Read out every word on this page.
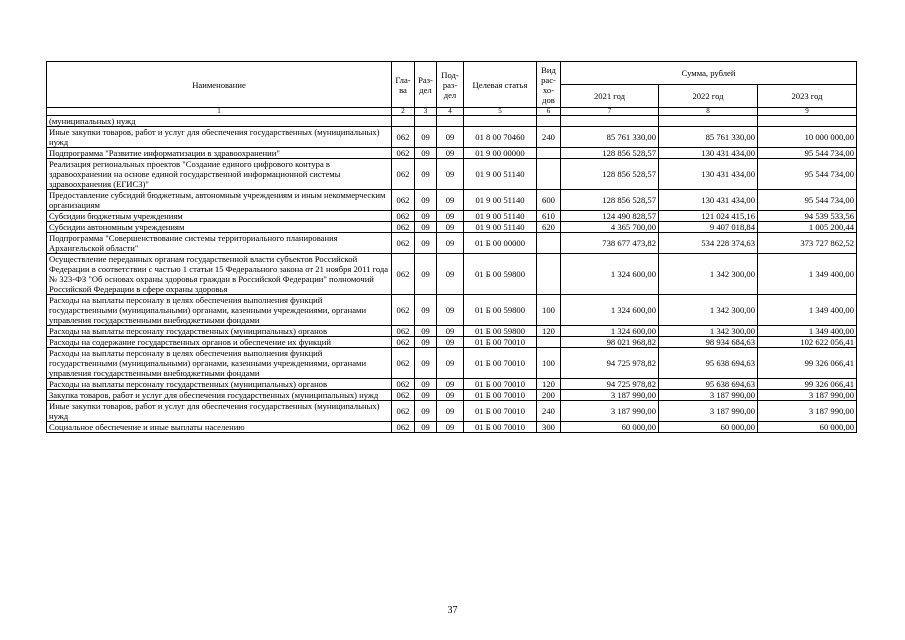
Наименование	Гла-ва	Раз-дел	Под-раз-дел	Целевая статья	Вид рас-хо-дов	Сумма, рублей		
						2021 год	2022 год	2023 год
1	2	3	4	5	6	7	8	9
(муниципальных) нужд								
Иные закупки товаров, работ и услуг для обеспечения государственных (муниципальных) нужд	062	09	09	01 8 00 70460	240	85 761 330,00	85 761 330,00	10 000 000,00
Подпрограмма "Развитие информатизации в здравоохранении"	062	09	09	01 9 00 00000		128 856 528,57	130 431 434,00	95 544 734,00
Реализация региональных проектов "Создание единого цифрового контура в здравоохранении на основе единой государственной информационной системы здравоохранения (ЕГИСЗ)"	062	09	09	01 9 00 51140		128 856 528,57	130 431 434,00	95 544 734,00
Предоставление субсидий бюджетным, автономным учреждениям и иным некоммерческим организациям	062	09	09	01 9 00 51140	600	128 856 528,57	130 431 434,00	95 544 734,00
Субсидии бюджетным учреждениям	062	09	09	01 9 00 51140	610	124 490 828,57	121 024 415,16	94 539 533,56
Субсидии автономным учреждениям	062	09	09	01 9 00 51140	620	4 365 700,00	9 407 018,84	1 005 200,44
Подпрограмма "Совершенствование системы территориального планирования Архангельской области"	062	09	09	01 Б 00 00000		738 677 473,82	534 228 374,63	373 727 862,52
Осуществление переданных органам государственной власти субъектов Российской Федерации в соответствии с частью 1 статьи 15 Федерального закона от 21 ноября 2011 года № 323-ФЗ "Об основах охраны здоровья граждан в Российской Федерации" полномочий Российской Федерации в сфере охраны здоровья	062	09	09	01 Б 00 59800		1 324 600,00	1 342 300,00	1 349 400,00
Расходы на выплаты персоналу в целях обеспечения выполнения функций государственными (муниципальными) органами, казенными учреждениями, органами управления государственными внебюджетными фондами	062	09	09	01 Б 00 59800	100	1 324 600,00	1 342 300,00	1 349 400,00
Расходы на выплаты персоналу государственных (муниципальных) органов	062	09	09	01 Б 00 59800	120	1 324 600,00	1 342 300,00	1 349 400,00
Расходы на содержание государственных органов и обеспечение их функций	062	09	09	01 Б 00 70010		98 021 968,82	98 934 684,63	102 622 056,41
Расходы на выплаты персоналу в целях обеспечения выполнения функций государственными (муниципальными) органами, казенными учреждениями, органами управления государственными внебюджетными фондами	062	09	09	01 Б 00 70010	100	94 725 978,82	95 638 694,63	99 326 066,41
Расходы на выплаты персоналу государственных (муниципальных) органов	062	09	09	01 Б 00 70010	120	94 725 978,82	95 638 694,63	99 326 066,41
Закупка товаров, работ и услуг для обеспечения государственных (муниципальных) нужд	062	09	09	01 Б 00 70010	200	3 187 990,00	3 187 990,00	3 187 990,00
Иные закупки товаров, работ и услуг для обеспечения государственных (муниципальных) нужд	062	09	09	01 Б 00 70010	240	3 187 990,00	3 187 990,00	3 187 990,00
Социальное обеспечение и иные выплаты населению	062	09	09	01 Б 00 70010	300	60 000,00	60 000,00	60 000,00
37
